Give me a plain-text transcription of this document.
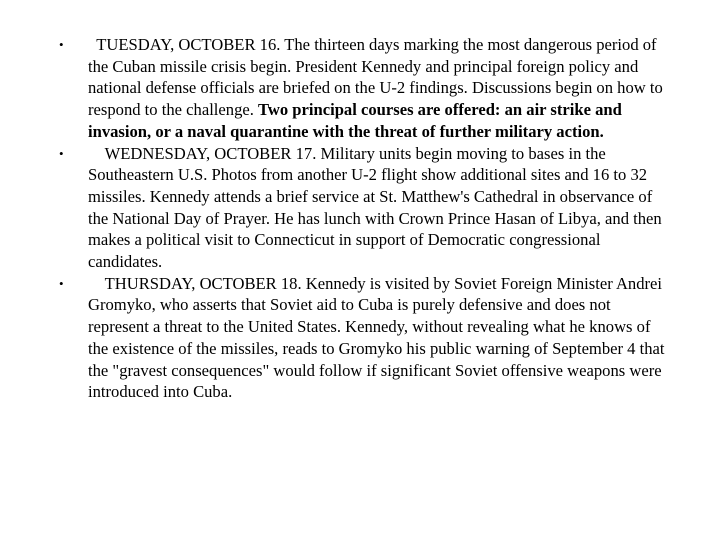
• TUESDAY, OCTOBER 16. The thirteen days marking the most dangerous period of the Cuban missile crisis begin. President Kennedy and principal foreign policy and national defense officials are briefed on the U-2 findings. Discussions begin on how to respond to the challenge. Two principal courses are offered: an air strike and invasion, or a naval quarantine with the threat of further military action.
• WEDNESDAY, OCTOBER 17. Military units begin moving to bases in the Southeastern U.S. Photos from another U-2 flight show additional sites and 16 to 32 missiles. Kennedy attends a brief service at St. Matthew's Cathedral in observance of the National Day of Prayer. He has lunch with Crown Prince Hasan of Libya, and then makes a political visit to Connecticut in support of Democratic congressional candidates.
• THURSDAY, OCTOBER 18. Kennedy is visited by Soviet Foreign Minister Andrei Gromyko, who asserts that Soviet aid to Cuba is purely defensive and does not represent a threat to the United States. Kennedy, without revealing what he knows of the existence of the missiles, reads to Gromyko his public warning of September 4 that the "gravest consequences" would follow if significant Soviet offensive weapons were introduced into Cuba.
